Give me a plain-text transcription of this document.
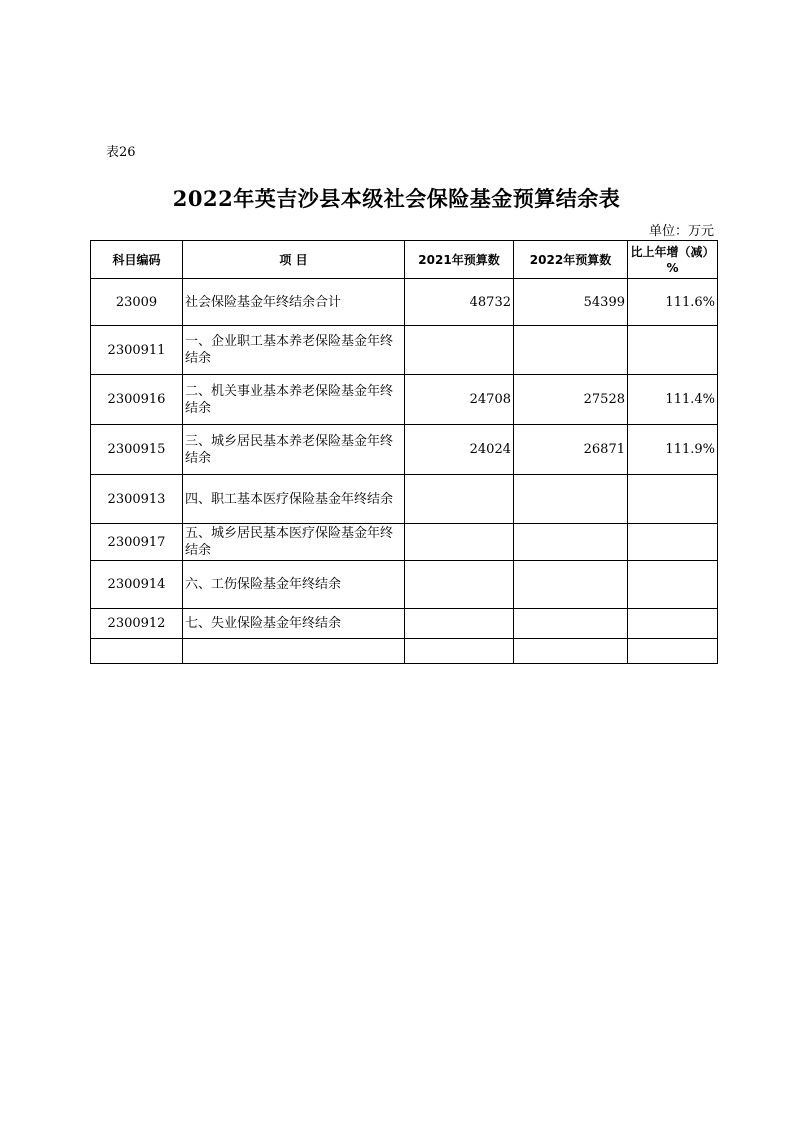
表26
2022年英吉沙县本级社会保险基金预算结余表
单位：万元
科目编码	项 目	2021年预算数	2022年预算数	比上年增（减）%
23009	社会保险基金年终结余合计	48732	54399	111.6%
2300911	一、企业职工基本养老保险基金年终结余			
2300916	二、机关事业基本养老保险基金年终结余	24708	27528	111.4%
2300915	三、城乡居民基本养老保险基金年终结余	24024	26871	111.9%
2300913	四、职工基本医疗保险基金年终结余			
2300917	五、城乡居民基本医疗保险基金年终结余			
2300914	六、工伤保险基金年终结余			
2300912	七、失业保险基金年终结余			
